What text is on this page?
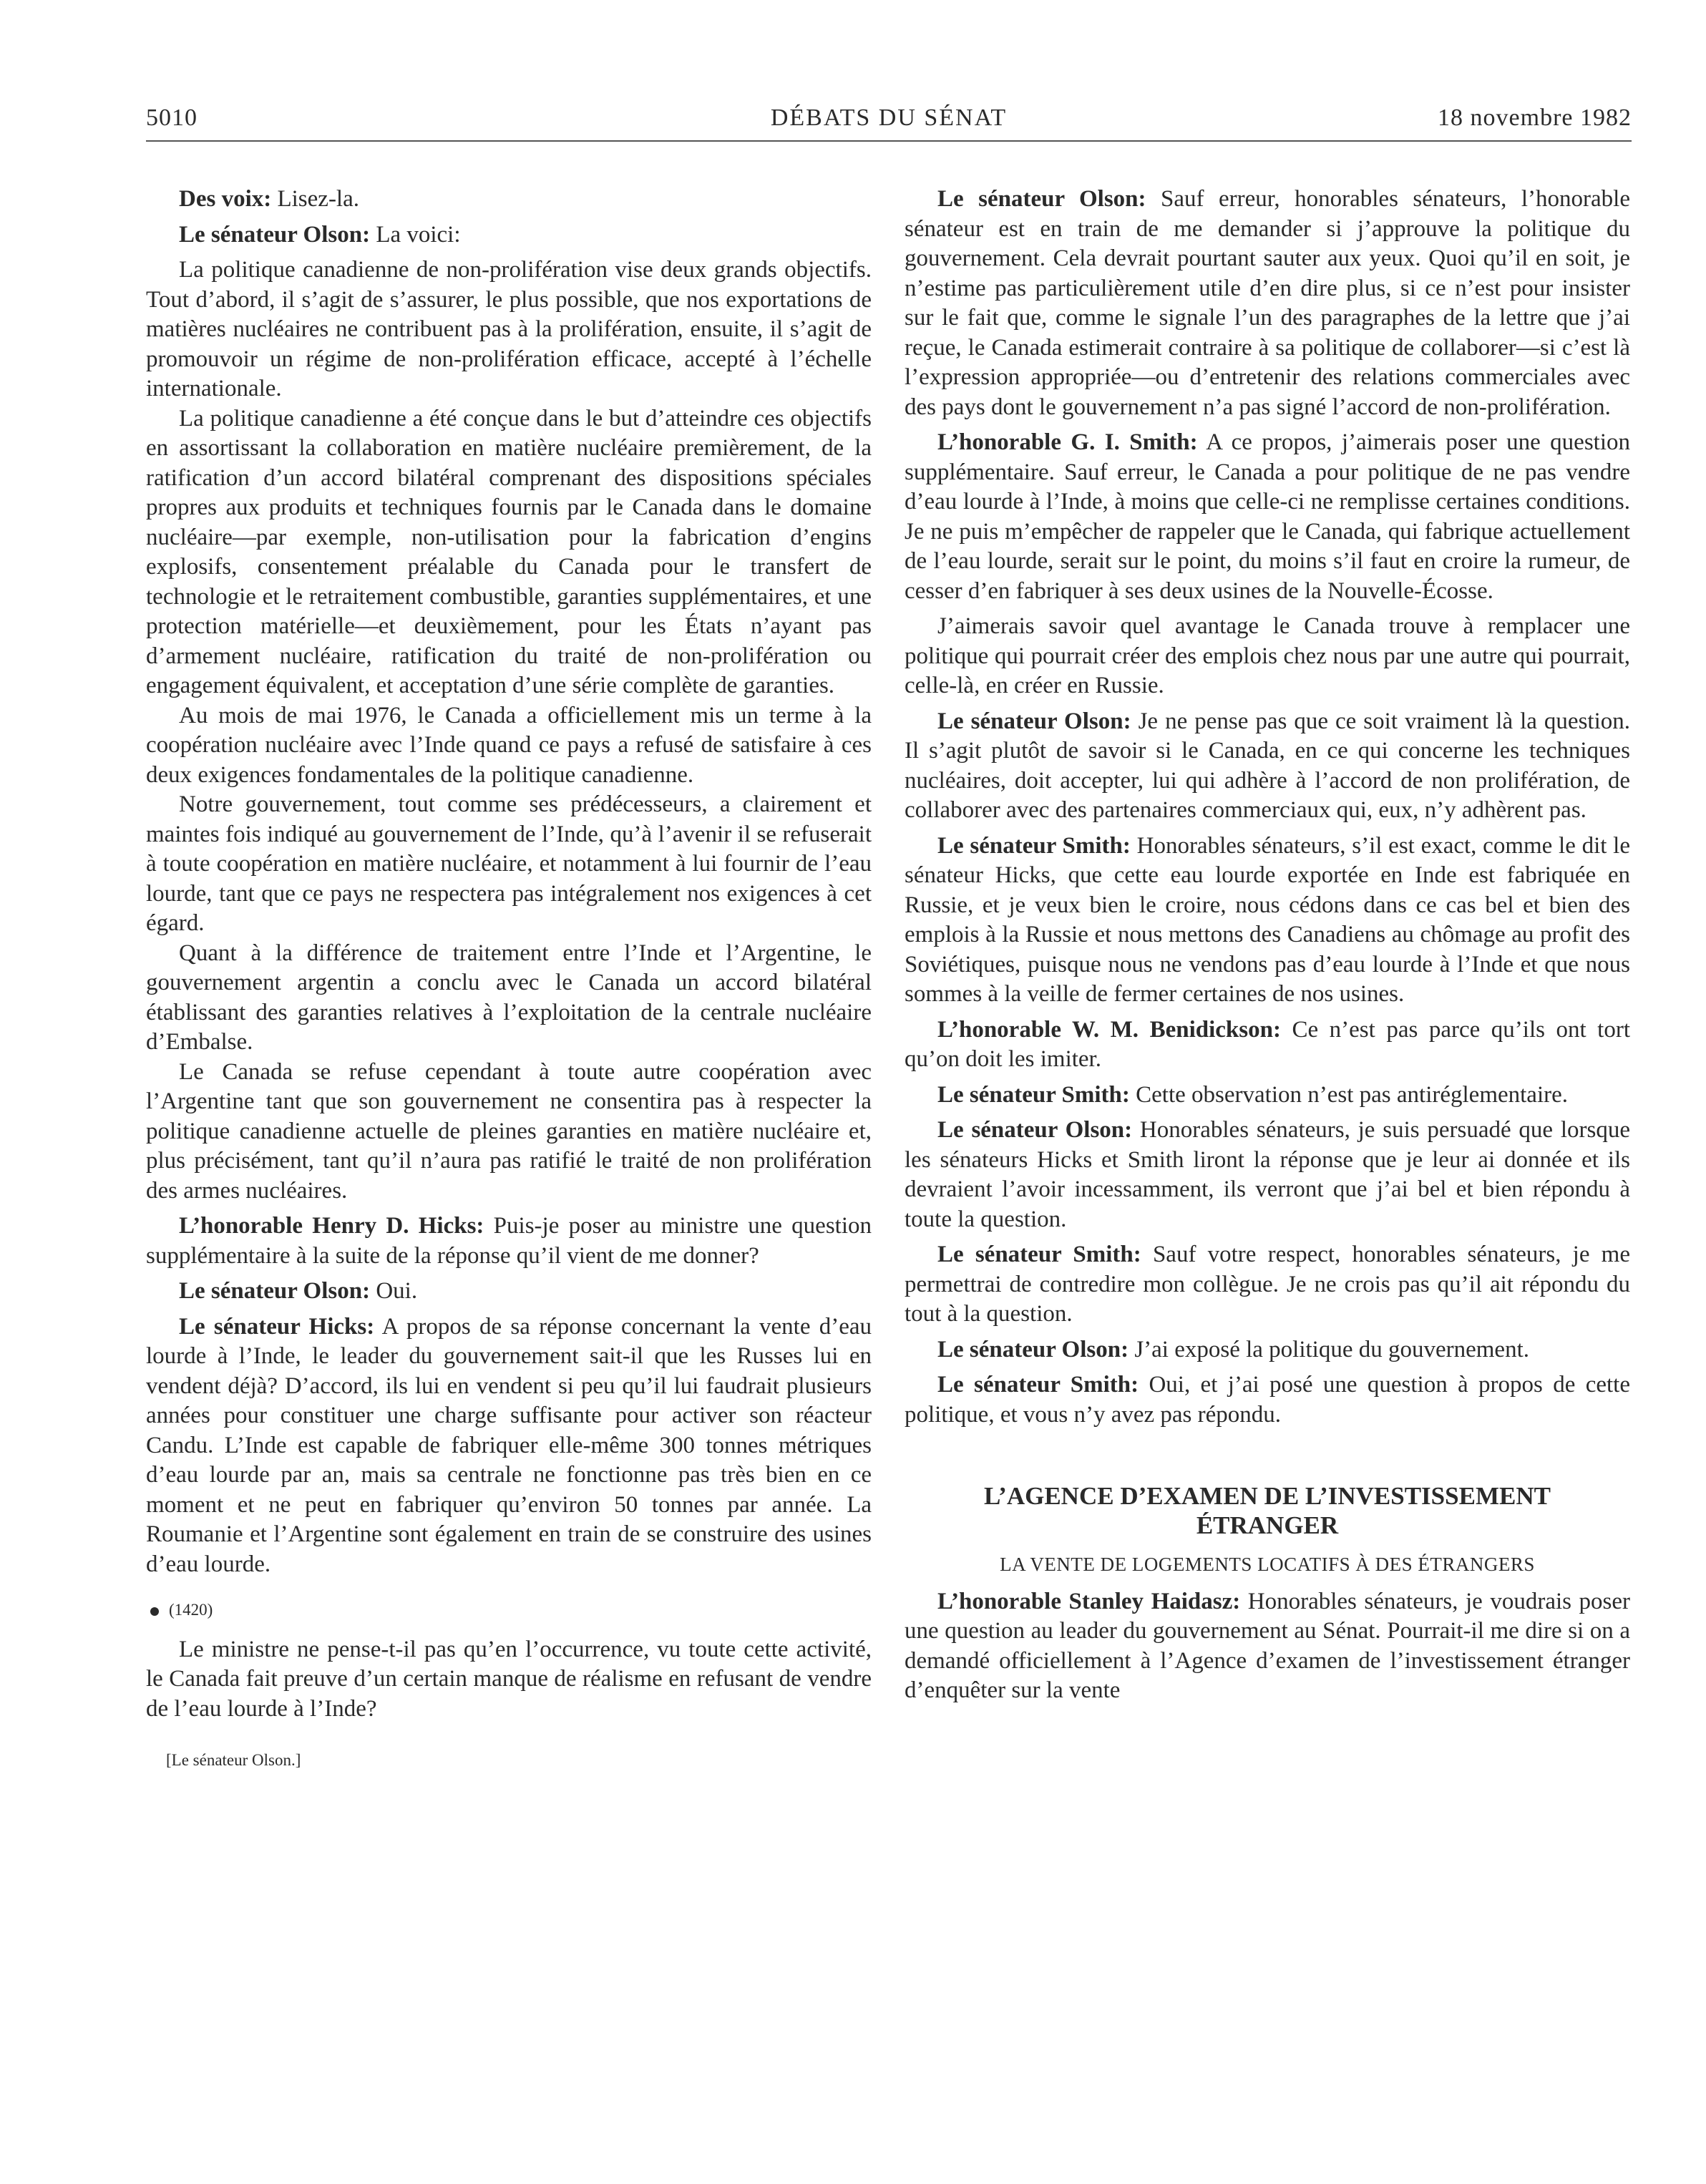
5010	DÉBATS DU SÉNAT	18 novembre 1982

Des voix: Lisez-la.

Le sénateur Olson: La voici:

La politique canadienne de non-prolifération vise deux grands objectifs. Tout d’abord, il s’agit de s’assurer, le plus possible, que nos exportations de matières nucléaires ne contribuent pas à la prolifération, ensuite, il s’agit de promouvoir un régime de non-prolifération efficace, accepté à l’échelle internationale.

La politique canadienne a été conçue dans le but d’atteindre ces objectifs en assortissant la collaboration en matière nucléaire premièrement, de la ratification d’un accord bilatéral comprenant des dispositions spéciales propres aux produits et techniques fournis par le Canada dans le domaine nucléaire—par exemple, non-utilisation pour la fabrication d’engins explosifs, consentement préalable du Canada pour le transfert de technologie et le retraitement combustible, garanties supplémentaires, et une protection matérielle—et deuxièmement, pour les États n’ayant pas d’armement nucléaire, ratification du traité de non-prolifération ou engagement équivalent, et acceptation d’une série complète de garanties.

Au mois de mai 1976, le Canada a officiellement mis un terme à la coopération nucléaire avec l’Inde quand ce pays a refusé de satisfaire à ces deux exigences fondamentales de la politique canadienne.

Notre gouvernement, tout comme ses prédécesseurs, a clairement et maintes fois indiqué au gouvernement de l’Inde, qu’à l’avenir il se refuserait à toute coopération en matière nucléaire, et notamment à lui fournir de l’eau lourde, tant que ce pays ne respectera pas intégralement nos exigences à cet égard.

Quant à la différence de traitement entre l’Inde et l’Argentine, le gouvernement argentin a conclu avec le Canada un accord bilatéral établissant des garanties relatives à l’exploitation de la centrale nucléaire d’Embalse.

Le Canada se refuse cependant à toute autre coopération avec l’Argentine tant que son gouvernement ne consentira pas à respecter la politique canadienne actuelle de pleines garanties en matière nucléaire et, plus précisément, tant qu’il n’aura pas ratifié le traité de non prolifération des armes nucléaires.

L’honorable Henry D. Hicks: Puis-je poser au ministre une question supplémentaire à la suite de la réponse qu’il vient de me donner?

Le sénateur Olson: Oui.

Le sénateur Hicks: A propos de sa réponse concernant la vente d’eau lourde à l’Inde, le leader du gouvernement sait-il que les Russes lui en vendent déjà? D’accord, ils lui en vendent si peu qu’il lui faudrait plusieurs années pour constituer une charge suffisante pour activer son réacteur Candu. L’Inde est capable de fabriquer elle-même 300 tonnes métriques d’eau lourde par an, mais sa centrale ne fonctionne pas très bien en ce moment et ne peut en fabriquer qu’environ 50 tonnes par année. La Roumanie et l’Argentine sont également en train de se construire des usines d’eau lourde.

(1420)

Le ministre ne pense-t-il pas qu’en l’occurrence, vu toute cette activité, le Canada fait preuve d’un certain manque de réalisme en refusant de vendre de l’eau lourde à l’Inde?

[Le sénateur Olson.]

Le sénateur Olson: Sauf erreur, honorables sénateurs, l’honorable sénateur est en train de me demander si j’approuve la politique du gouvernement. Cela devrait pourtant sauter aux yeux. Quoi qu’il en soit, je n’estime pas particulièrement utile d’en dire plus, si ce n’est pour insister sur le fait que, comme le signale l’un des paragraphes de la lettre que j’ai reçue, le Canada estimerait contraire à sa politique de collaborer—si c’est là l’expression appropriée—ou d’entretenir des relations commerciales avec des pays dont le gouvernement n’a pas signé l’accord de non-prolifération.

L’honorable G. I. Smith: A ce propos, j’aimerais poser une question supplémentaire. Sauf erreur, le Canada a pour politique de ne pas vendre d’eau lourde à l’Inde, à moins que celle-ci ne remplisse certaines conditions. Je ne puis m’empêcher de rappeler que le Canada, qui fabrique actuellement de l’eau lourde, serait sur le point, du moins s’il faut en croire la rumeur, de cesser d’en fabriquer à ses deux usines de la Nouvelle-Écosse.

J’aimerais savoir quel avantage le Canada trouve à remplacer une politique qui pourrait créer des emplois chez nous par une autre qui pourrait, celle-là, en créer en Russie.

Le sénateur Olson: Je ne pense pas que ce soit vraiment là la question. Il s’agit plutôt de savoir si le Canada, en ce qui concerne les techniques nucléaires, doit accepter, lui qui adhère à l’accord de non prolifération, de collaborer avec des partenaires commerciaux qui, eux, n’y adhèrent pas.

Le sénateur Smith: Honorables sénateurs, s’il est exact, comme le dit le sénateur Hicks, que cette eau lourde exportée en Inde est fabriquée en Russie, et je veux bien le croire, nous cédons dans ce cas bel et bien des emplois à la Russie et nous mettons des Canadiens au chômage au profit des Soviétiques, puisque nous ne vendons pas d’eau lourde à l’Inde et que nous sommes à la veille de fermer certaines de nos usines.

L’honorable W. M. Benidickson: Ce n’est pas parce qu’ils ont tort qu’on doit les imiter.

Le sénateur Smith: Cette observation n’est pas antiréglementaire.

Le sénateur Olson: Honorables sénateurs, je suis persuadé que lorsque les sénateurs Hicks et Smith liront la réponse que je leur ai donnée et ils devraient l’avoir incessamment, ils verront que j’ai bel et bien répondu à toute la question.

Le sénateur Smith: Sauf votre respect, honorables sénateurs, je me permettrai de contredire mon collègue. Je ne crois pas qu’il ait répondu du tout à la question.

Le sénateur Olson: J’ai exposé la politique du gouvernement.

Le sénateur Smith: Oui, et j’ai posé une question à propos de cette politique, et vous n’y avez pas répondu.

L’AGENCE D’EXAMEN DE L’INVESTISSEMENT
ÉTRANGER
LA VENTE DE LOGEMENTS LOCATIFS À DES ÉTRANGERS

L’honorable Stanley Haidasz: Honorables sénateurs, je voudrais poser une question au leader du gouvernement au Sénat. Pourrait-il me dire si on a demandé officiellement à l’Agence d’examen de l’investissement étranger d’enquêter sur la vente
